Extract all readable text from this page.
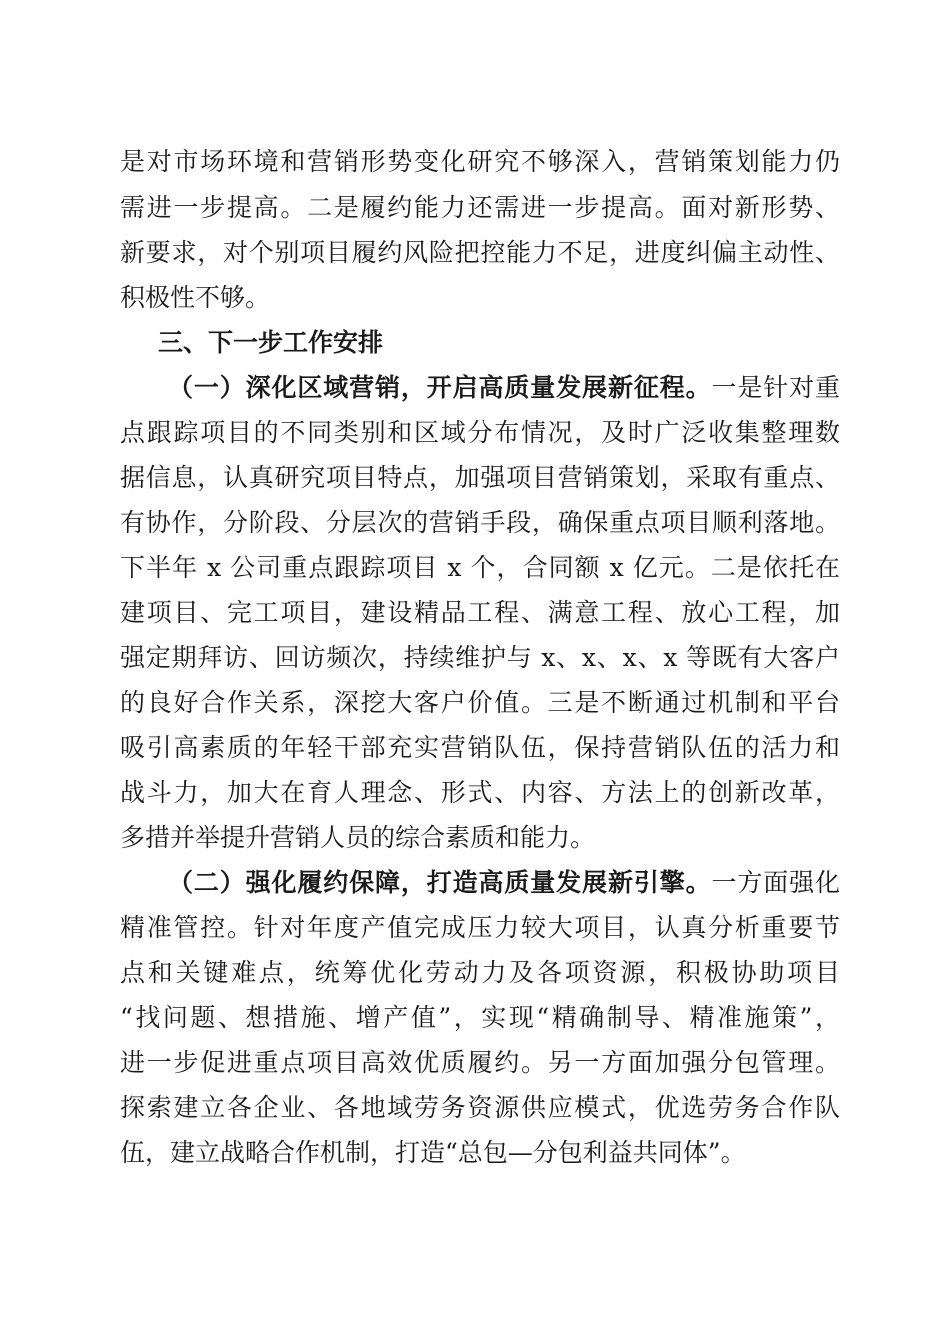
是对市场环境和营销形势变化研究不够深入，营销策划能力仍
需进一步提高。二是履约能力还需进一步提高。面对新形势、
新要求，对个别项目履约风险把控能力不足，进度纠偏主动性、
积极性不够。
三、下一步工作安排
（一）深化区域营销，开启高质量发展新征程。一是针对重
点跟踪项目的不同类别和区域分布情况，及时广泛收集整理数
据信息，认真研究项目特点，加强项目营销策划，采取有重点、
有协作，分阶段、分层次的营销手段，确保重点项目顺利落地。
下半年 x 公司重点跟踪项目 x 个，合同额 x 亿元。二是依托在
建项目、完工项目，建设精品工程、满意工程、放心工程，加
强定期拜访、回访频次，持续维护与 x、x、x、x 等既有大客户
的良好合作关系，深挖大客户价值。三是不断通过机制和平台
吸引高素质的年轻干部充实营销队伍，保持营销队伍的活力和
战斗力，加大在育人理念、形式、内容、方法上的创新改革，
多措并举提升营销人员的综合素质和能力。
（二）强化履约保障，打造高质量发展新引擎。一方面强化
精准管控。针对年度产值完成压力较大项目，认真分析重要节
点和关键难点，统筹优化劳动力及各项资源，积极协助项目
“找问题、想措施、增产值”，实现“精确制导、精准施策”，
进一步促进重点项目高效优质履约。另一方面加强分包管理。
探索建立各企业、各地域劳务资源供应模式，优选劳务合作队
伍，建立战略合作机制，打造“总包—分包利益共同体”。
